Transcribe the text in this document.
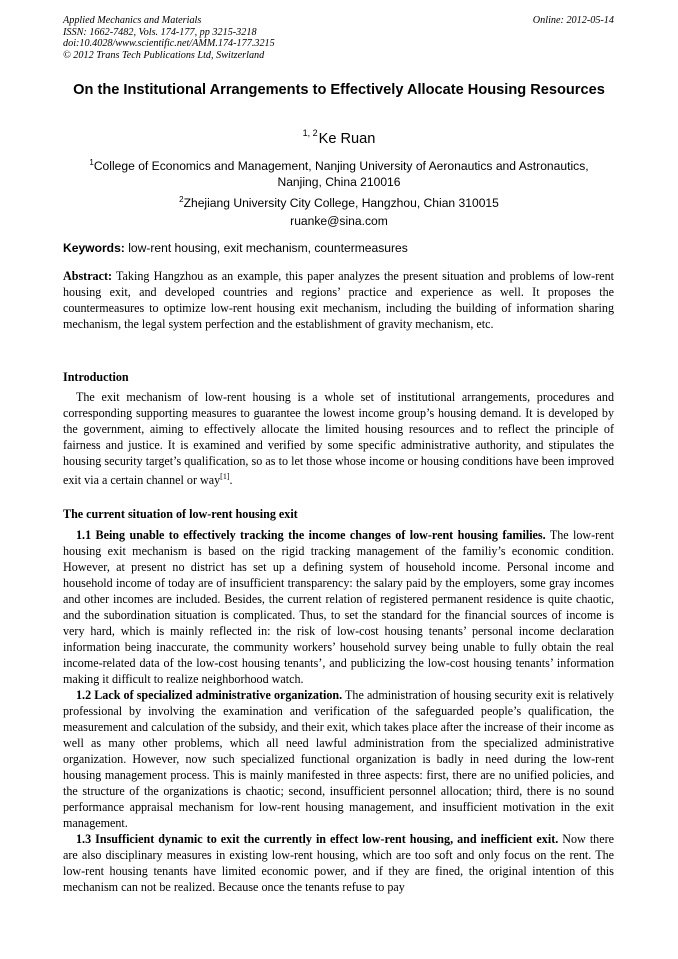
Applied Mechanics and Materials
ISSN: 1662-7482, Vols. 174-177, pp 3215-3218
doi:10.4028/www.scientific.net/AMM.174-177.3215
© 2012 Trans Tech Publications Ltd, Switzerland
Online: 2012-05-14
On the Institutional Arrangements to Effectively Allocate Housing Resources
$^{1, 2}$Ke Ruan
$^1$College of Economics and Management, Nanjing University of Aeronautics and Astronautics, Nanjing, China 210016
$^2$Zhejiang University City College, Hangzhou, Chian 310015
ruanke@sina.com
Keywords: low-rent housing, exit mechanism, countermeasures
Abstract: Taking Hangzhou as an example, this paper analyzes the present situation and problems of low-rent housing exit, and developed countries and regions’ practice and experience as well. It proposes the countermeasures to optimize low-rent housing exit mechanism, including the building of information sharing mechanism, the legal system perfection and the establishment of gravity mechanism, etc.
Introduction

The exit mechanism of low-rent housing is a whole set of institutional arrangements, procedures and corresponding supporting measures to guarantee the lowest income group’s housing demand. It is developed by the government, aiming to effectively allocate the limited housing resources and to reflect the principle of fairness and justice. It is examined and verified by some specific administrative authority, and stipulates the housing security target’s qualification, so as to let those whose income or housing conditions have been improved exit via a certain channel or way[1].

The current situation of low-rent housing exit

1.1 Being unable to effectively tracking the income changes of low-rent housing families. The low-rent housing exit mechanism is based on the rigid tracking management of the familiy’s economic condition. However, at present no district has set up a defining system of household income. Personal income and household income of today are of insufficient transparency: the salary paid by the employers, some gray incomes and other incomes are included. Besides, the current relation of registered permanent residence is quite chaotic, and the subordination situation is complicated. Thus, to set the standard for the financial sources of income is very hard, which is mainly reflected in: the risk of low-cost housing tenants’ personal income declaration information being inaccurate, the community workers’ household survey being unable to fully obtain the real income-related data of the low-cost housing tenants’, and publicizing the low-cost housing tenants’ information making it difficult to realize neighborhood watch.

1.2 Lack of specialized administrative organization. The administration of housing security exit is relatively professional by involving the examination and verification of the safeguarded people’s qualification, the measurement and calculation of the subsidy, and their exit, which takes place after the increase of their income as well as many other problems, which all need lawful administration from the specialized administrative organization. However, now such specialized functional organization is badly in need during the low-rent housing management process. This is mainly manifested in three aspects: first, there are no unified policies, and the structure of the organizations is chaotic; second, insufficient personnel allocation; third, there is no sound performance appraisal mechanism for low-rent housing management, and insufficient motivation in the exit management.

1.3 Insufficient dynamic to exit the currently in effect low-rent housing, and inefficient exit. Now there are also disciplinary measures in existing low-rent housing, which are too soft and only focus on the rent. The low-rent housing tenants have limited economic power, and if they are fined, the original intention of this mechanism can not be realized. Because once the tenants refuse to pay
